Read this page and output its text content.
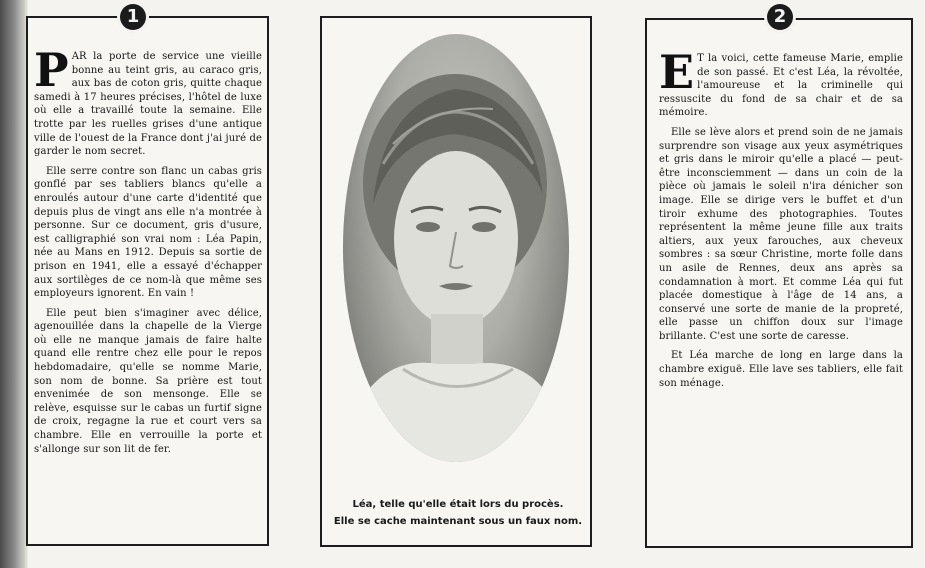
PAR la porte de service une vieille bonne au teint gris, au caraco gris, aux bas de coton gris, quitte chaque samedi à 17 heures précises, l'hôtel de luxe où elle a travaillé toute la semaine. Elle trotte par les ruelles grises d'une antique ville de l'ouest de la France dont j'ai juré de garder le nom secret.

Elle serre contre son flanc un cabas gris gonflé par ses tabliers blancs qu'elle a enroulés autour d'une carte d'identité que depuis plus de vingt ans elle n'a montrée à personne. Sur ce document, gris d'usure, est calligraphié son vrai nom : Léa Papin, née au Mans en 1912. Depuis sa sortie de prison en 1941, elle a essayé d'échapper aux sortilèges de ce nom-là que même ses employeurs ignorent. En vain !

Elle peut bien s'imaginer avec délice, agenouillée dans la chapelle de la Vierge où elle ne manque jamais de faire halte quand elle rentre chez elle pour le repos hebdomadaire, qu'elle se nomme Marie, son nom de bonne. Sa prière est tout envenimée de son mensonge. Elle se relève, esquisse sur le cabas un furtif signe de croix, regagne la rue et court vers sa chambre. Elle en verrouille la porte et s'allonge sur son lit de fer.

1
Léa, telle qu'elle était lors du procès.
Elle se cache maintenant sous un faux nom.

E T la voici, cette fameuse Marie, emplie de son passé. Et c'est Léa, la révoltée, l'amoureuse et la criminelle qui ressuscite du fond de sa chair et de sa mémoire.

Elle se lève alors et prend soin de ne jamais surprendre son visage aux yeux asymétriques et gris dans le miroir qu'elle a placé — peut-être inconsciemment — dans un coin de la pièce où jamais le soleil n'ira dénicher son image. Elle se dirige vers le buffet et d'un tiroir exhume des photographies. Toutes représentent la même jeune fille aux traits altiers, aux yeux farouches, aux cheveux sombres : sa sœur Christine, morte folle dans un asile de Rennes, deux ans après sa condamnation à mort. Et comme Léa qui fut placée domestique à l'âge de 14 ans, a conservé une sorte de manie de la propreté, elle passe un chiffon doux sur l'image brillante. C'est une sorte de caresse.

Et Léa marche de long en large dans la chambre exiguë. Elle lave ses tabliers, elle fait son ménage.

2
